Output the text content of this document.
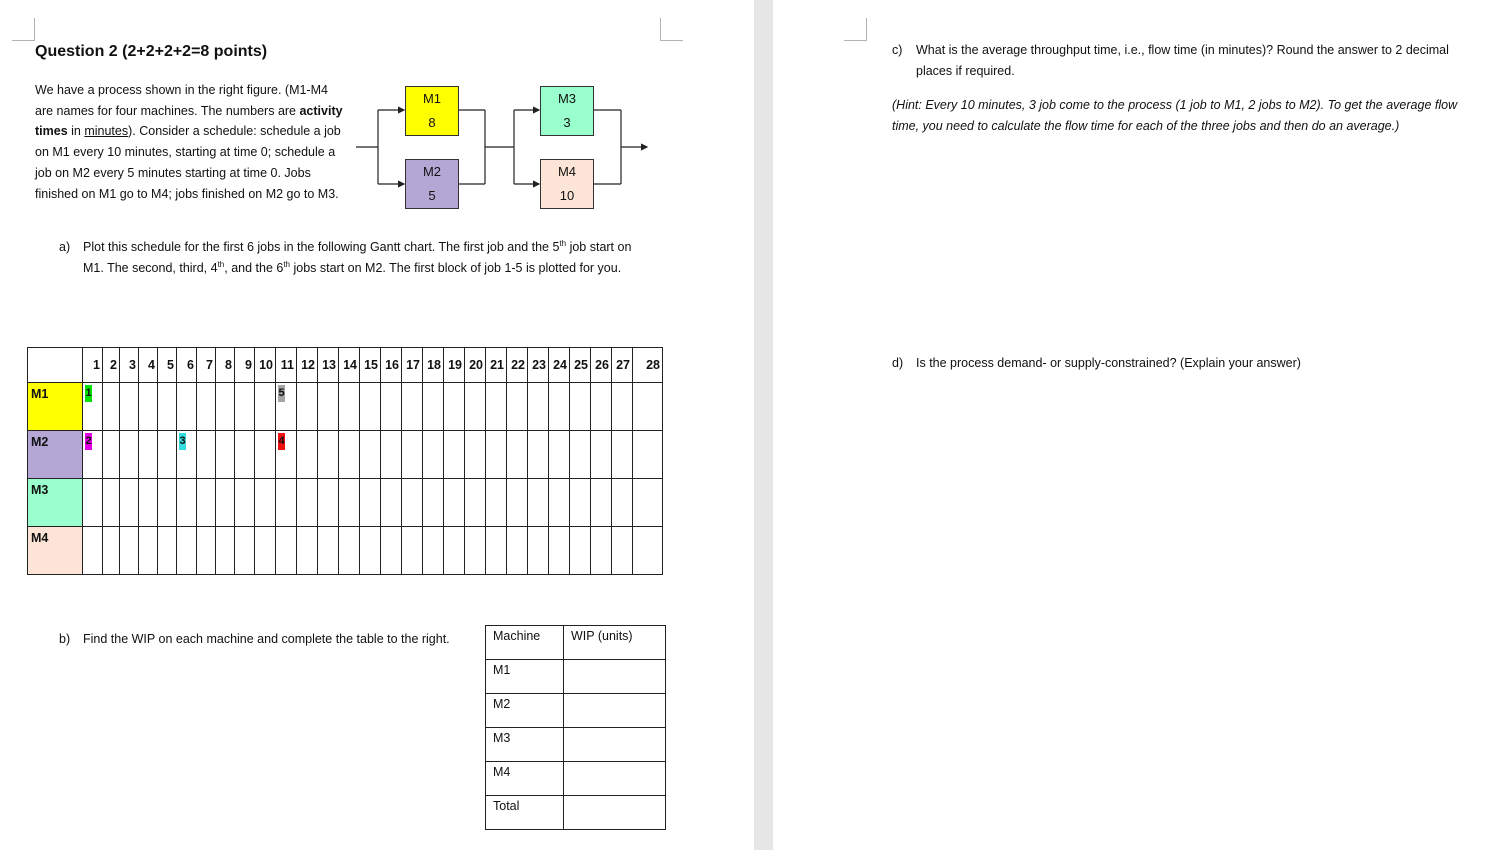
Question 2 (2+2+2+2=8 points)
We have a process shown in the right figure. (M1-M4 are names for four machines. The numbers are activity times in minutes). Consider a schedule: schedule a job on M1 every 10 minutes, starting at time 0; schedule a job on M2 every 5 minutes starting at time 0. Jobs finished on M1 go to M4; jobs finished on M2 go to M3.
M1
8
M2
5
M3
3
M4
10
a) Plot this schedule for the first 6 jobs in the following Gantt chart. The first job and the 5th job start on M1. The second, third, 4th, and the 6th jobs start on M2. The first block of job 1-5 is plotted for you.
	1	2	3	4	5	6	7	8	9	10	11	12	13	14	15	16	17	18	19	20	21	22	23	24	25	26	27	28
M1	1										5																	

M2	2					3					4																	

M3																												
M4																												
b) Find the WIP on each machine and complete the table to the right.	Machine	WIP (units)
M1	
M2	
M3	
M4	
Total	
c) What is the average throughput time, i.e., flow time (in minutes)? Round the answer to 2 decimal places if required.
(Hint: Every 10 minutes, 3 job come to the process (1 job to M1, 2 jobs to M2). To get the average flow time, you need to calculate the flow time for each of the three jobs and then do an average.)
d) Is the process demand- or supply-constrained? (Explain your answer)
